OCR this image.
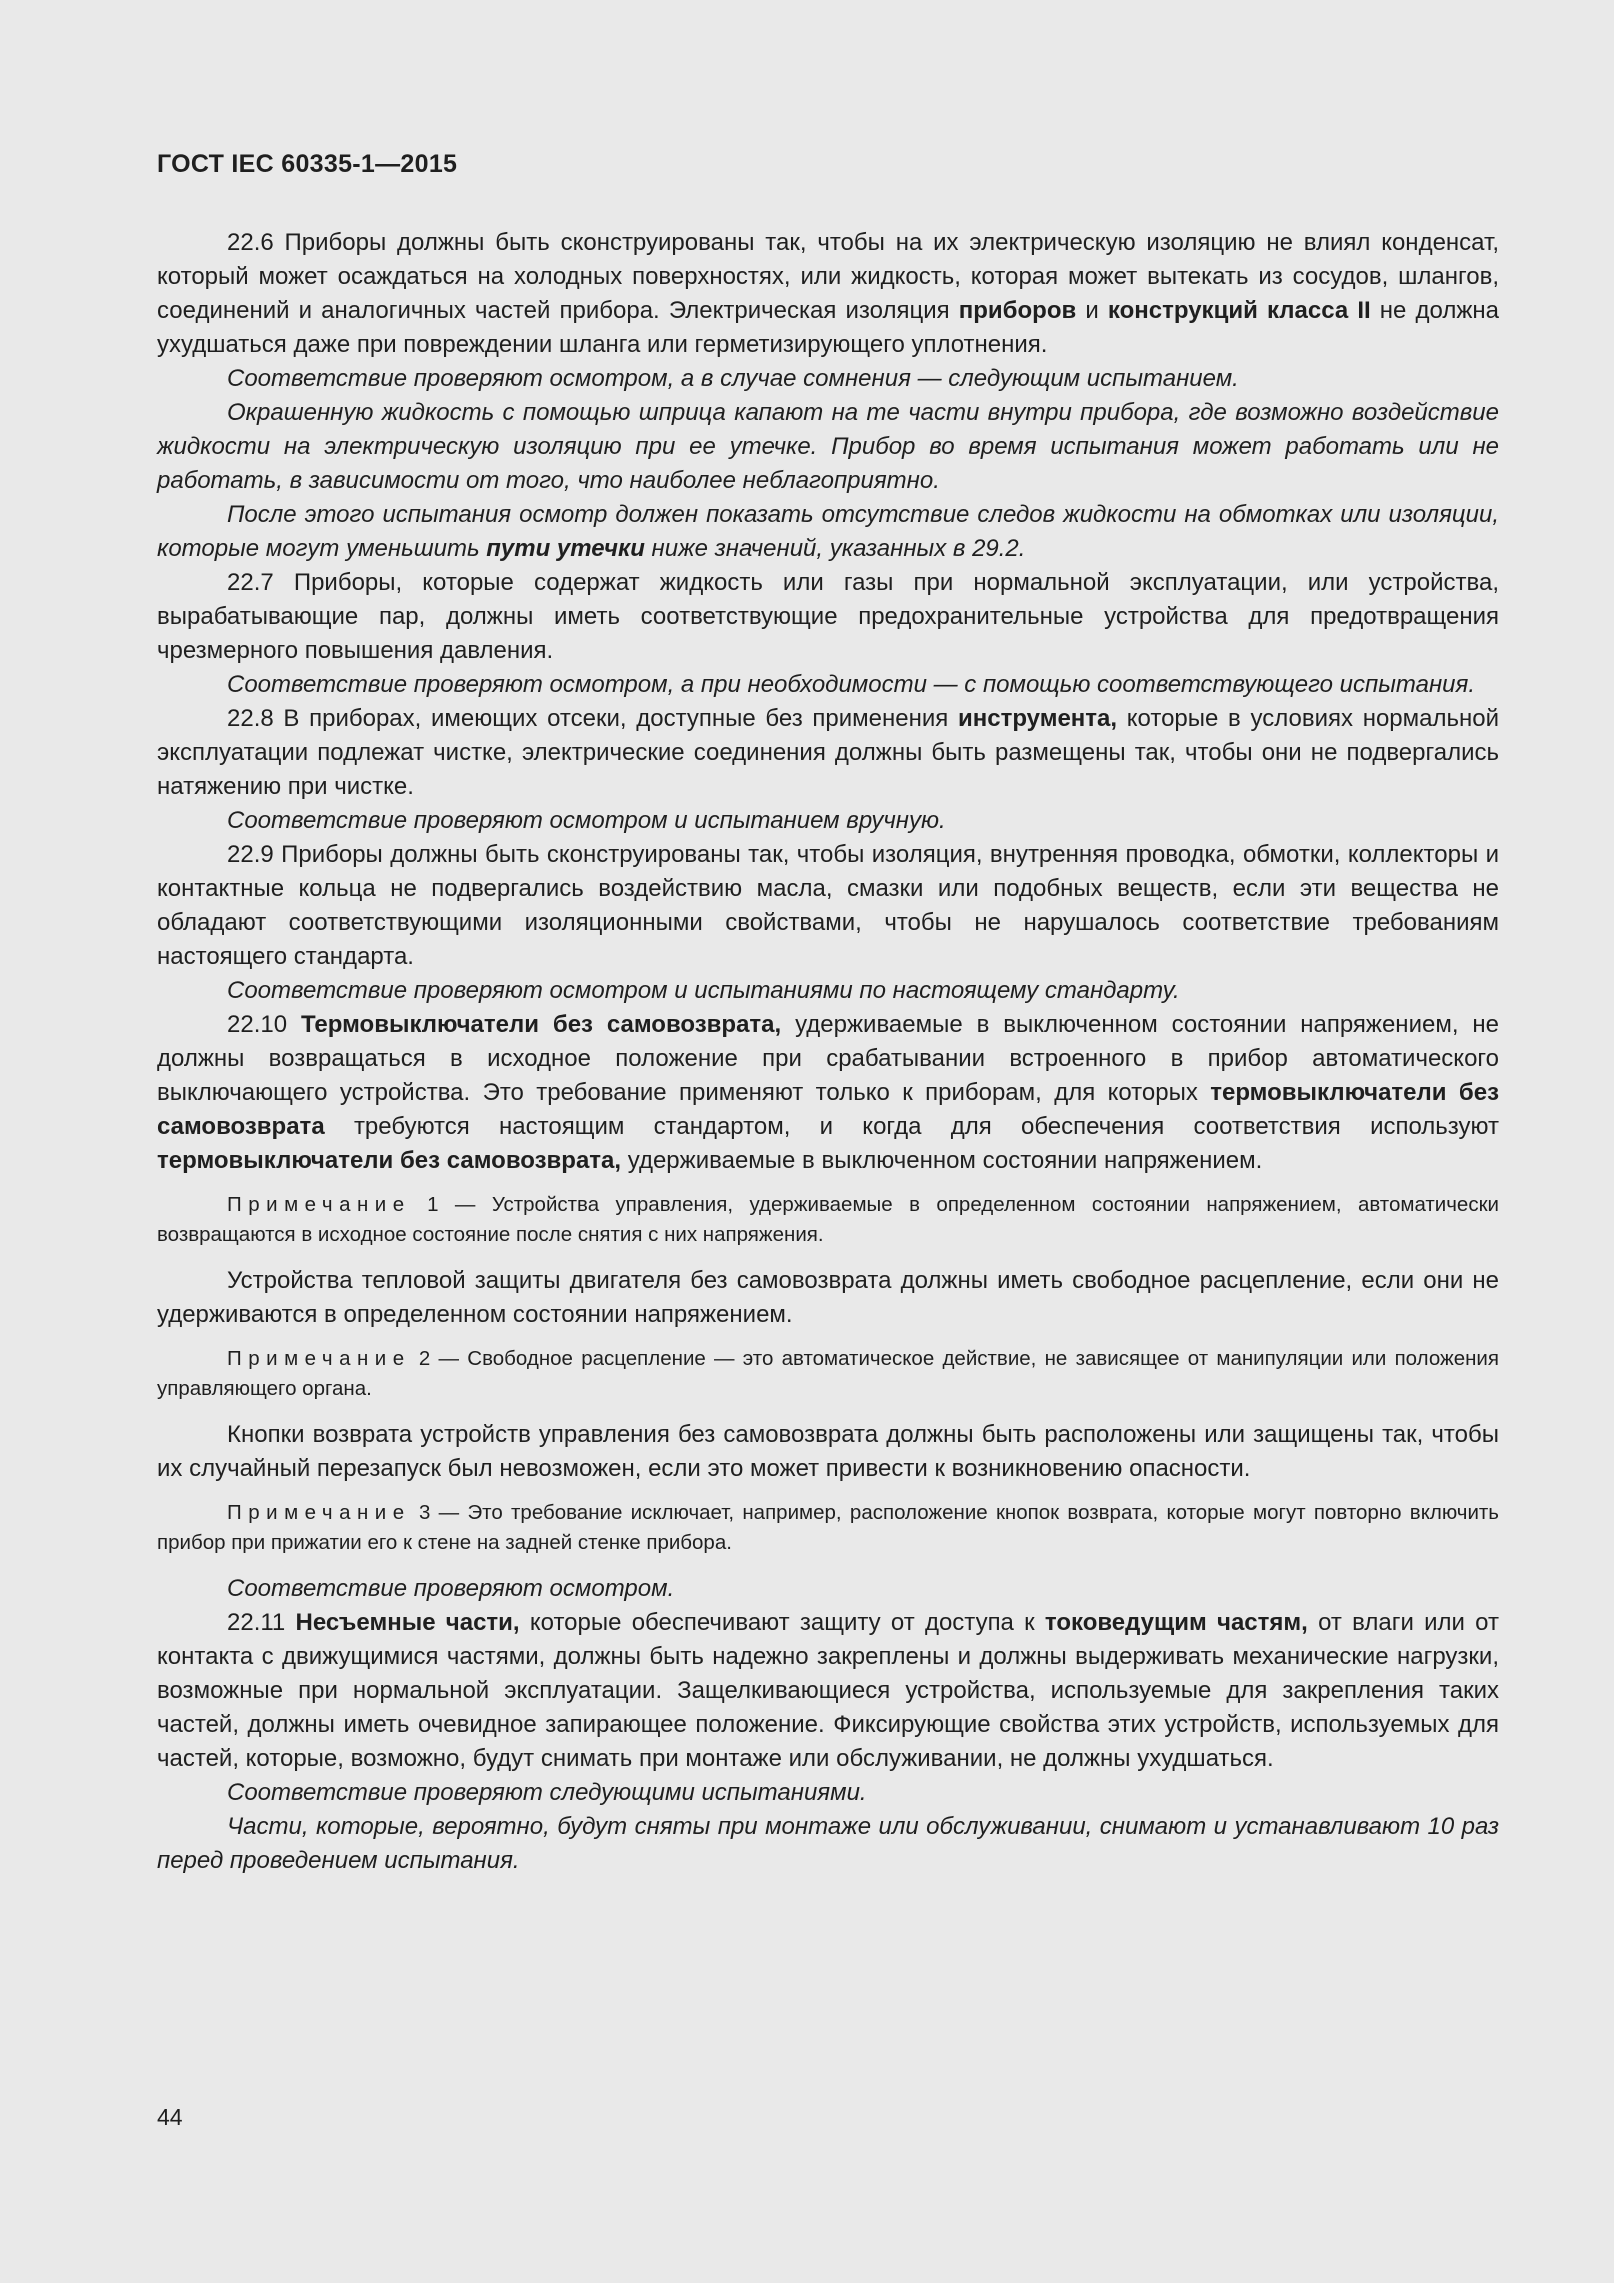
ГОСТ IEC 60335-1—2015

22.6 Приборы должны быть сконструированы так, чтобы на их электрическую изоляцию не влиял конденсат, который может осаждаться на холодных поверхностях, или жидкость, которая может вытекать из сосудов, шлангов, соединений и аналогичных частей прибора. Электрическая изоляция приборов и конструкций класса II не должна ухудшаться даже при повреждении шланга или герметизирующего уплотнения.

Соответствие проверяют осмотром, а в случае сомнения — следующим испытанием.

Окрашенную жидкость с помощью шприца капают на те части внутри прибора, где возможно воздействие жидкости на электрическую изоляцию при ее утечке. Прибор во время испытания может работать или не работать, в зависимости от того, что наиболее неблагоприятно.

После этого испытания осмотр должен показать отсутствие следов жидкости на обмотках или изоляции, которые могут уменьшить пути утечки ниже значений, указанных в 29.2.

22.7 Приборы, которые содержат жидкость или газы при нормальной эксплуатации, или устройства, вырабатывающие пар, должны иметь соответствующие предохранительные устройства для предотвращения чрезмерного повышения давления.

Соответствие проверяют осмотром, а при необходимости — с помощью соответствующего испытания.

22.8 В приборах, имеющих отсеки, доступные без применения инструмента, которые в условиях нормальной эксплуатации подлежат чистке, электрические соединения должны быть размещены так, чтобы они не подвергались натяжению при чистке.

Соответствие проверяют осмотром и испытанием вручную.

22.9 Приборы должны быть сконструированы так, чтобы изоляция, внутренняя проводка, обмотки, коллекторы и контактные кольца не подвергались воздействию масла, смазки или подобных веществ, если эти вещества не обладают соответствующими изоляционными свойствами, чтобы не нарушалось соответствие требованиям настоящего стандарта.

Соответствие проверяют осмотром и испытаниями по настоящему стандарту.

22.10 Термовыключатели без самовозврата, удерживаемые в выключенном состоянии напряжением, не должны возвращаться в исходное положение при срабатывании встроенного в прибор автоматического выключающего устройства. Это требование применяют только к приборам, для которых термовыключатели без самовозврата требуются настоящим стандартом, и когда для обеспечения соответствия используют термовыключатели без самовозврата, удерживаемые в выключенном состоянии напряжением.

Примечание 1 — Устройства управления, удерживаемые в определенном состоянии напряжением, автоматически возвращаются в исходное состояние после снятия с них напряжения.

Устройства тепловой защиты двигателя без самовозврата должны иметь свободное расцепление, если они не удерживаются в определенном состоянии напряжением.

Примечание 2 — Свободное расцепление — это автоматическое действие, не зависящее от манипуляции или положения управляющего органа.

Кнопки возврата устройств управления без самовозврата должны быть расположены или защищены так, чтобы их случайный перезапуск был невозможен, если это может привести к возникновению опасности.

Примечание 3 — Это требование исключает, например, расположение кнопок возврата, которые могут повторно включить прибор при прижатии его к стене на задней стенке прибора.

Соответствие проверяют осмотром.

22.11 Несъемные части, которые обеспечивают защиту от доступа к токоведущим частям, от влаги или от контакта с движущимися частями, должны быть надежно закреплены и должны выдерживать механические нагрузки, возможные при нормальной эксплуатации. Защелкивающиеся устройства, используемые для закрепления таких частей, должны иметь очевидное запирающее положение. Фиксирующие свойства этих устройств, используемых для частей, которые, возможно, будут снимать при монтаже или обслуживании, не должны ухудшаться.

Соответствие проверяют следующими испытаниями.

Части, которые, вероятно, будут сняты при монтаже или обслуживании, снимают и устанавливают 10 раз перед проведением испытания.

44
